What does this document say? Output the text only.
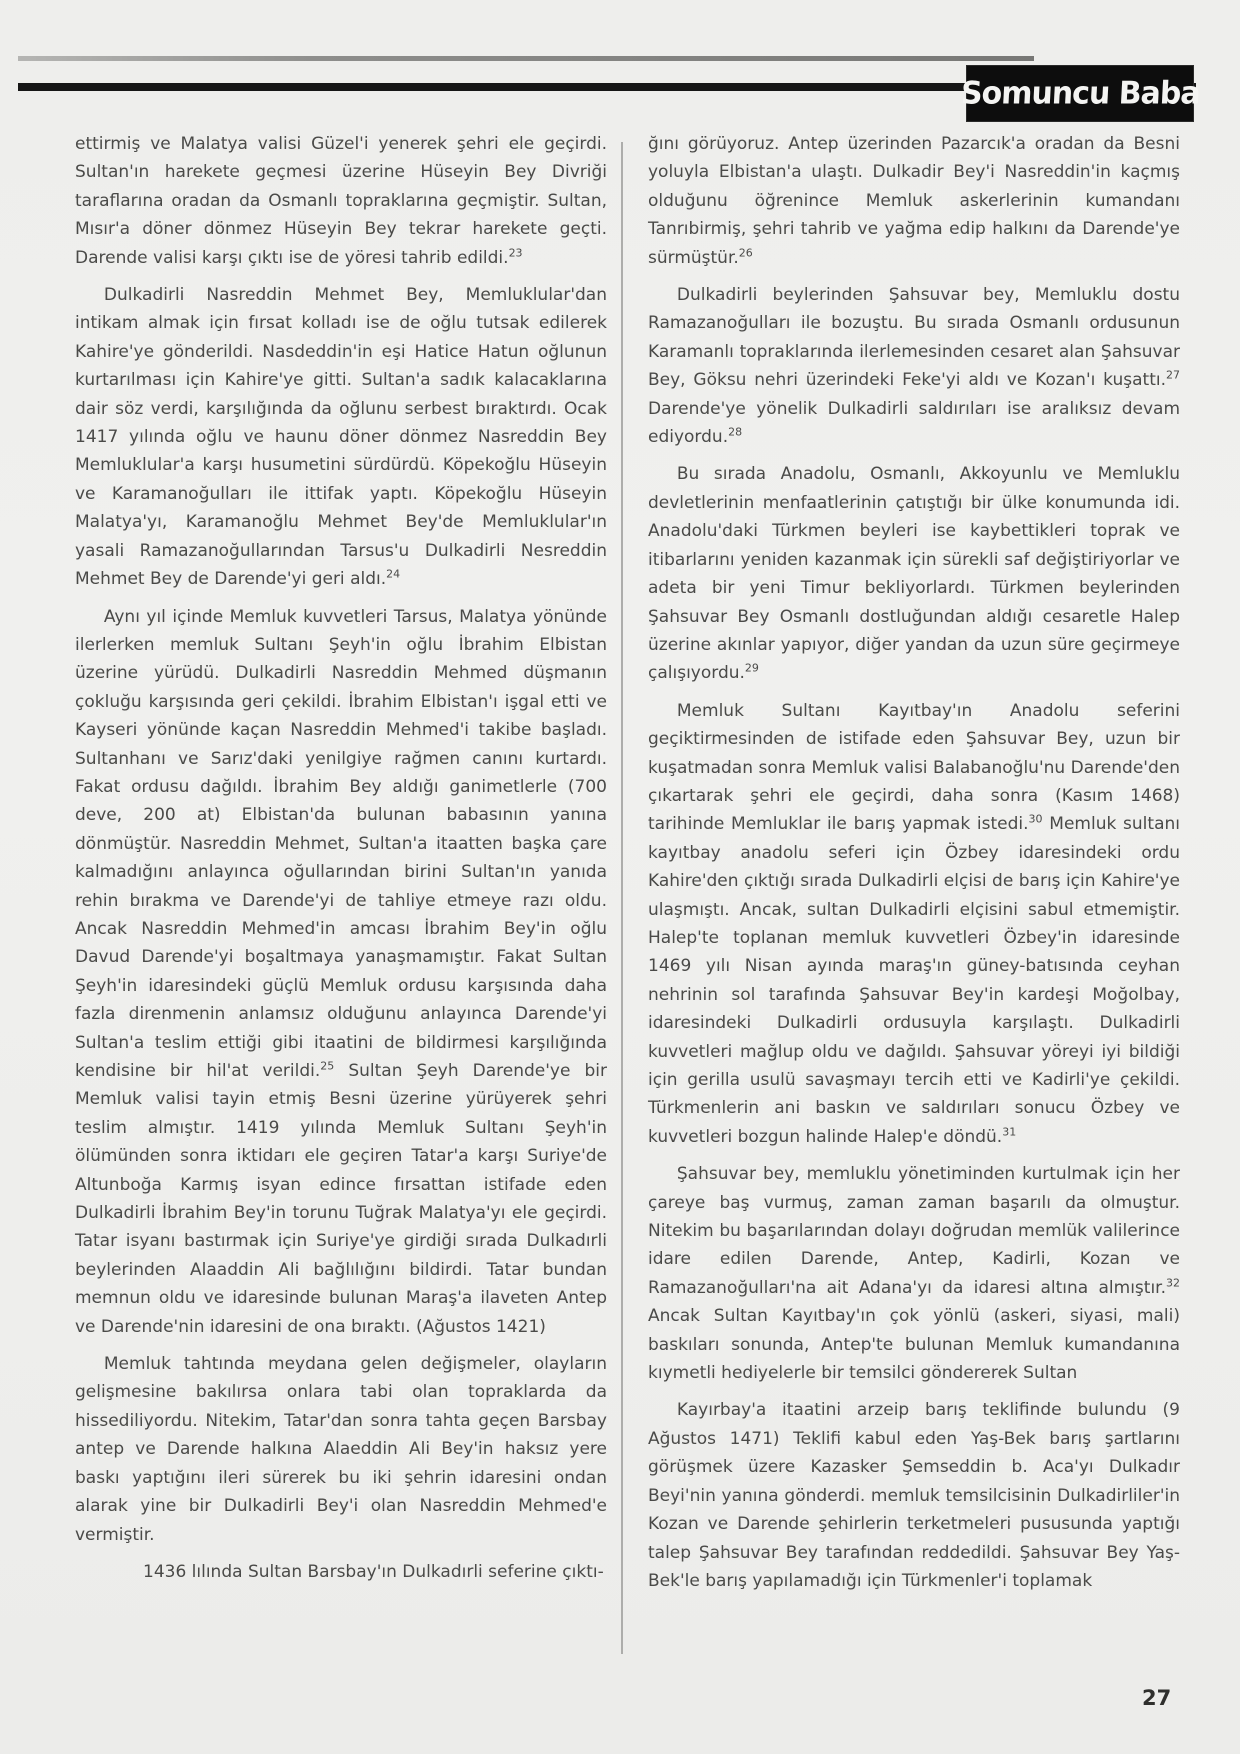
Somuncu Baba

ettirmiş ve Malatya valisi Güzel'i yenerek şehri ele geçirdi. Sultan'ın harekete geçmesi üzerine Hüseyin Bey Divriği taraflarına oradan da Osmanlı topraklarına geçmiştir. Sultan, Mısır'a döner dönmez Hüseyin Bey tekrar harekete geçti. Darende valisi karşı çıktı ise de yöresi tahrib edildi.$^{23}$

Dulkadirli Nasreddin Mehmet Bey, Memluklular'dan intikam almak için fırsat kolladı ise de oğlu tutsak edilerek Kahire'ye gönderildi. Nasdeddin'in eşi Hatice Hatun oğlunun kurtarılması için Kahire'ye gitti. Sultan'a sadık kalacaklarına dair söz verdi, karşılığında da oğlunu serbest bıraktırdı. Ocak 1417 yılında oğlu ve haunu döner dönmez Nasreddin Bey Memluklular'a karşı husumetini sürdürdü. Köpekoğlu Hüseyin ve Karamanoğulları ile ittifak yaptı. Köpekoğlu Hüseyin Malatya'yı, Karamanoğlu Mehmet Bey'de Memluklular'ın yasali Ramazanoğullarından Tarsus'u Dulkadirli Nesreddin Mehmet Bey de Darende'yi geri aldı.$^{24}$

Aynı yıl içinde Memluk kuvvetleri Tarsus, Malatya yönünde ilerlerken memluk Sultanı Şeyh'in oğlu İbrahim Elbistan üzerine yürüdü. Dulkadirli Nasreddin Mehmed düşmanın çokluğu karşısında geri çekildi. İbrahim Elbistan'ı işgal etti ve Kayseri yönünde kaçan Nasreddin Mehmed'i takibe başladı. Sultanhanı ve Sarız'daki yenilgiye rağmen canını kurtardı. Fakat ordusu dağıldı. İbrahim Bey aldığı ganimetlerle (700 deve, 200 at) Elbistan'da bulunan babasının yanına dönmüştür. Nasreddin Mehmet, Sultan'a itaatten başka çare kalmadığını anlayınca oğullarından birini Sultan'ın yanıda rehin bırakma ve Darende'yi de tahliye etmeye razı oldu. Ancak Nasreddin Mehmed'in amcası İbrahim Bey'in oğlu Davud Darende'yi boşaltmaya yanaşmamıştır. Fakat Sultan Şeyh'in idaresindeki güçlü Memluk ordusu karşısında daha fazla direnmenin anlamsız olduğunu anlayınca Darende'yi Sultan'a teslim ettiği gibi itaatini de bildirmesi karşılığında kendisine bir hil'at verildi.$^{25}$ Sultan Şeyh Darende'ye bir Memluk valisi tayin etmiş Besni üzerine yürüyerek şehri teslim almıştır. 1419 yılında Memluk Sultanı Şeyh'in ölümünden sonra iktidarı ele geçiren Tatar'a karşı Suriye'de Altunboğa Karmış isyan edince fırsattan istifade eden Dulkadirli İbrahim Bey'in torunu Tuğrak Malatya'yı ele geçirdi. Tatar isyanı bastırmak için Suriye'ye girdiği sırada Dulkadırli beylerinden Alaaddin Ali bağlılığını bildirdi. Tatar bundan memnun oldu ve idaresinde bulunan Maraş'a ilaveten Antep ve Darende'nin idaresini de ona bıraktı. (Ağustos 1421)

Memluk tahtında meydana gelen değişmeler, olayların gelişmesine bakılırsa onlara tabi olan topraklarda da hissediliyordu. Nitekim, Tatar'dan sonra tahta geçen Barsbay antep ve Darende halkına Alaeddin Ali Bey'in haksız yere baskı yaptığını ileri sürerek bu iki şehrin idaresini ondan alarak yine bir Dulkadirli Bey'i olan Nasreddin Mehmed'e vermiştir.

1436 lılında Sultan Barsbay'ın Dulkadırli seferine çıktı-

ğını görüyoruz. Antep üzerinden Pazarcık'a oradan da Besni yoluyla Elbistan'a ulaştı. Dulkadir Bey'i Nasreddin'in kaçmış olduğunu öğrenince Memluk askerlerinin kumandanı Tanrıbirmiş, şehri tahrib ve yağma edip halkını da Darende'ye sürmüştür.$^{26}$

Dulkadirli beylerinden Şahsuvar bey, Memluklu dostu Ramazanoğulları ile bozuştu. Bu sırada Osmanlı ordusunun Karamanlı topraklarında ilerlemesinden cesaret alan Şahsuvar Bey, Göksu nehri üzerindeki Feke'yi aldı ve Kozan'ı kuşattı.$^{27}$ Darende'ye yönelik Dulkadirli saldırıları ise aralıksız devam ediyordu.$^{28}$

Bu sırada Anadolu, Osmanlı, Akkoyunlu ve Memluklu devletlerinin menfaatlerinin çatıştığı bir ülke konumunda idi. Anadolu'daki Türkmen beyleri ise kaybettikleri toprak ve itibarlarını yeniden kazanmak için sürekli saf değiştiriyorlar ve adeta bir yeni Timur bekliyorlardı. Türkmen beylerinden Şahsuvar Bey Osmanlı dostluğundan aldığı cesaretle Halep üzerine akınlar yapıyor, diğer yandan da uzun süre geçirmeye çalışıyordu.$^{29}$

Memluk Sultanı Kayıtbay'ın Anadolu seferini geçiktirmesinden de istifade eden Şahsuvar Bey, uzun bir kuşatmadan sonra Memluk valisi Balabanoğlu'nu Darende'den çıkartarak şehri ele geçirdi, daha sonra (Kasım 1468) tarihinde Memluklar ile barış yapmak istedi.$^{30}$ Memluk sultanı kayıtbay anadolu seferi için Özbey idaresindeki ordu Kahire'den çıktığı sırada Dulkadirli elçisi de barış için Kahire'ye ulaşmıştı. Ancak, sultan Dulkadirli elçisini sabul etmemiştir. Halep'te toplanan memluk kuvvetleri Özbey'in idaresinde 1469 yılı Nisan ayında maraş'ın güney-batısında ceyhan nehrinin sol tarafında Şahsuvar Bey'in kardeşi Moğolbay, idaresindeki Dulkadirli ordusuyla karşılaştı. Dulkadirli kuvvetleri mağlup oldu ve dağıldı. Şahsuvar yöreyi iyi bildiği için gerilla usulü savaşmayı tercih etti ve Kadirli'ye çekildi. Türkmenlerin ani baskın ve saldırıları sonucu Özbey ve kuvvetleri bozgun halinde Halep'e döndü.$^{31}$

Şahsuvar bey, memluklu yönetiminden kurtulmak için her çareye baş vurmuş, zaman zaman başarılı da olmuştur. Nitekim bu başarılarından dolayı doğrudan memlük valilerince idare edilen Darende, Antep, Kadirli, Kozan ve Ramazanoğulları'na ait Adana'yı da idaresi altına almıştır.$^{32}$ Ancak Sultan Kayıtbay'ın çok yönlü (askeri, siyasi, mali) baskıları sonunda, Antep'te bulunan Memluk kumandanına kıymetli hediyelerle bir temsilci göndererek Sultan

Kayırbay'a itaatini arzeip barış teklifinde bulundu (9 Ağustos 1471) Teklifi kabul eden Yaş-Bek barış şartlarını görüşmek üzere Kazasker Şemseddin b. Aca'yı Dulkadır Beyi'nin yanına gönderdi. memluk temsilcisinin Dulkadirliler'in Kozan ve Darende şehirlerin terketmeleri pususunda yaptığı talep Şahsuvar Bey tarafından reddedildi. Şahsuvar Bey Yaş-Bek'le barış yapılamadığı için Türkmenler'i toplamak

27
